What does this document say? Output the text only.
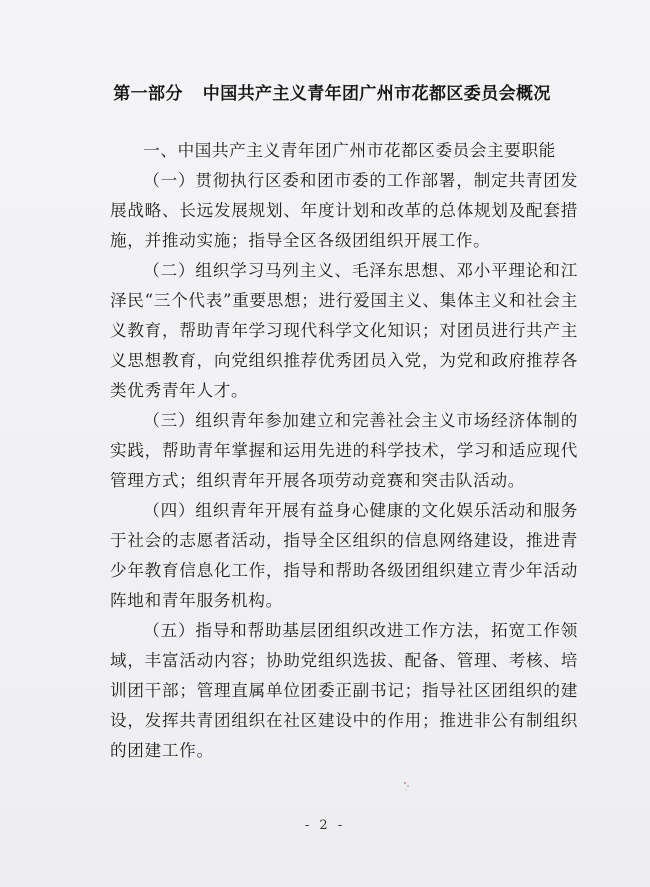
第一部分 中国共产主义青年团广州市花都区委员会概况

一、中国共产主义青年团广州市花都区委员会主要职能

（一）贯彻执行区委和团市委的工作部署，制定共青团发展战略、长远发展规划、年度计划和改革的总体规划及配套措施，并推动实施；指导全区各级团组织开展工作。

（二）组织学习马列主义、毛泽东思想、邓小平理论和江泽民“三个代表”重要思想；进行爱国主义、集体主义和社会主义教育，帮助青年学习现代科学文化知识；对团员进行共产主义思想教育，向党组织推荐优秀团员入党，为党和政府推荐各类优秀青年人才。

（三）组织青年参加建立和完善社会主义市场经济体制的实践，帮助青年掌握和运用先进的科学技术，学习和适应现代管理方式；组织青年开展各项劳动竞赛和突击队活动。

（四）组织青年开展有益身心健康的文化娱乐活动和服务于社会的志愿者活动，指导全区组织的信息网络建设，推进青少年教育信息化工作，指导和帮助各级团组织建立青少年活动阵地和青年服务机构。

（五）指导和帮助基层团组织改进工作方法，拓宽工作领域，丰富活动内容；协助党组织选拔、配备、管理、考核、培训团干部；管理直属单位团委正副书记；指导社区团组织的建设，发挥共青团组织在社区建设中的作用；推进非公有制组织的团建工作。

- 2 -
